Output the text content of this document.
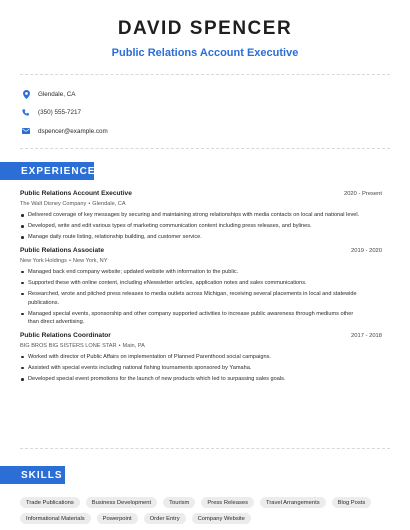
DAVID SPENCER
Public Relations Account Executive
Glendale, CA
(350) 555-7217
dspencer@example.com
EXPERIENCE
Public Relations Account Executive	2020 - Present
The Walt Disney Company • Glendale, CA
Delivered coverage of key messages by securing and maintaining strong relationships with media contacts on local and national level.
Developed, write and edit various types of marketing communication content including press releases, and bylines.
Manage daily route listing, relationship building, and customer service.
Public Relations Associate	2019 - 2020
New York Holdings • New York, NY
Managed back end company website; updated website with information to the public.
Supported these with online content, including eNewsletter articles, application notes and sales communications.
Researched, wrote and pitched press releases to media outlets across Michigan, receiving several placements in local and statewide publications.
Managed special events, sponsorship and other company supported activities to increase public awareness through mediums other than direct advertising.
Public Relations Coordinator	2017 - 2018
BIG BROS BIG SISTERS LONE STAR • Main, PA
Worked with director of Public Affairs on implementation of Planned Parenthood social campaigns.
Assisted with special events including national fishing tournaments sponsored by Yamaha.
Developed special event promotions for the launch of new products which led to surpassing sales goals.
SKILLS
Trade Publications	Business Development	Tourism	Press Releases	Travel Arrangements	Blog Posts
Informational Materials	Powerpoint	Order Entry	Company Website
